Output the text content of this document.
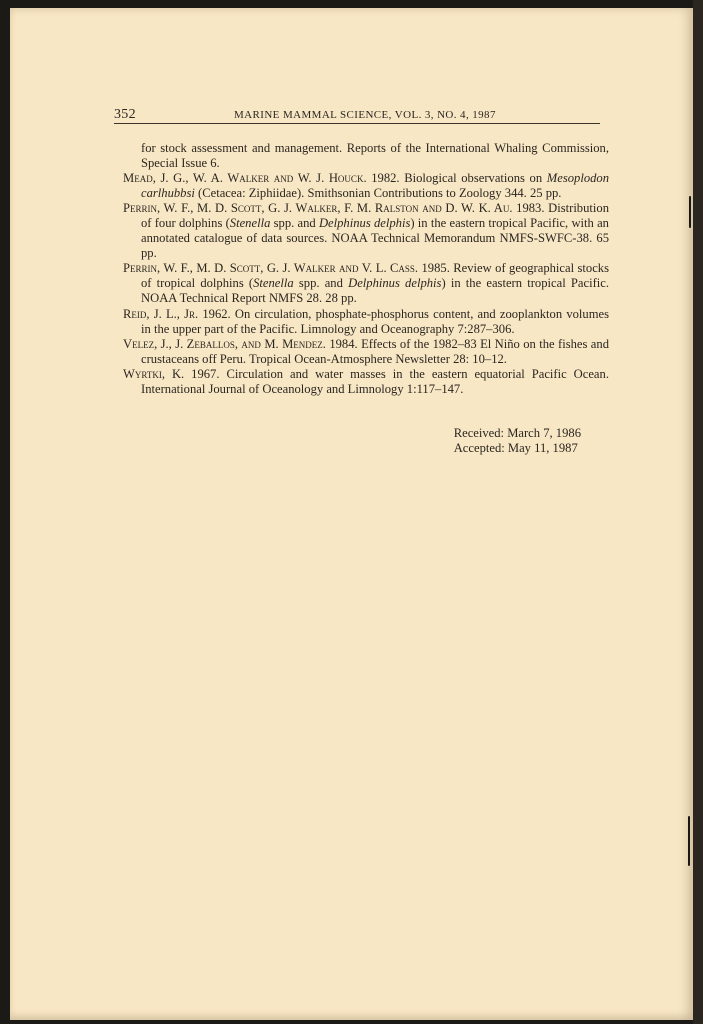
352	MARINE MAMMAL SCIENCE, VOL. 3, NO. 4, 1987

for stock assessment and management. Reports of the International Whaling Commission, Special Issue 6.

Mead, J. G., W. A. Walker and W. J. Houck. 1982. Biological observations on Mesoplodon carlhubbsi (Cetacea: Ziphiidae). Smithsonian Contributions to Zoology 344. 25 pp.

Perrin, W. F., M. D. Scott, G. J. Walker, F. M. Ralston and D. W. K. Au. 1983. Distribution of four dolphins (Stenella spp. and Delphinus delphis) in the eastern tropical Pacific, with an annotated catalogue of data sources. NOAA Technical Memorandum NMFS-SWFC-38. 65 pp.

Perrin, W. F., M. D. Scott, G. J. Walker and V. L. Cass. 1985. Review of geographical stocks of tropical dolphins (Stenella spp. and Delphinus delphis) in the eastern tropical Pacific. NOAA Technical Report NMFS 28. 28 pp.

Reid, J. L., Jr. 1962. On circulation, phosphate-phosphorus content, and zooplankton volumes in the upper part of the Pacific. Limnology and Oceanography 7:287–306.

Velez, J., J. Zeballos, and M. Mendez. 1984. Effects of the 1982–83 El Niño on the fishes and crustaceans off Peru. Tropical Ocean-Atmosphere Newsletter 28: 10–12.

Wyrtki, K. 1967. Circulation and water masses in the eastern equatorial Pacific Ocean. International Journal of Oceanology and Limnology 1:117–147.

Received: March 7, 1986
Accepted: May 11, 1987
